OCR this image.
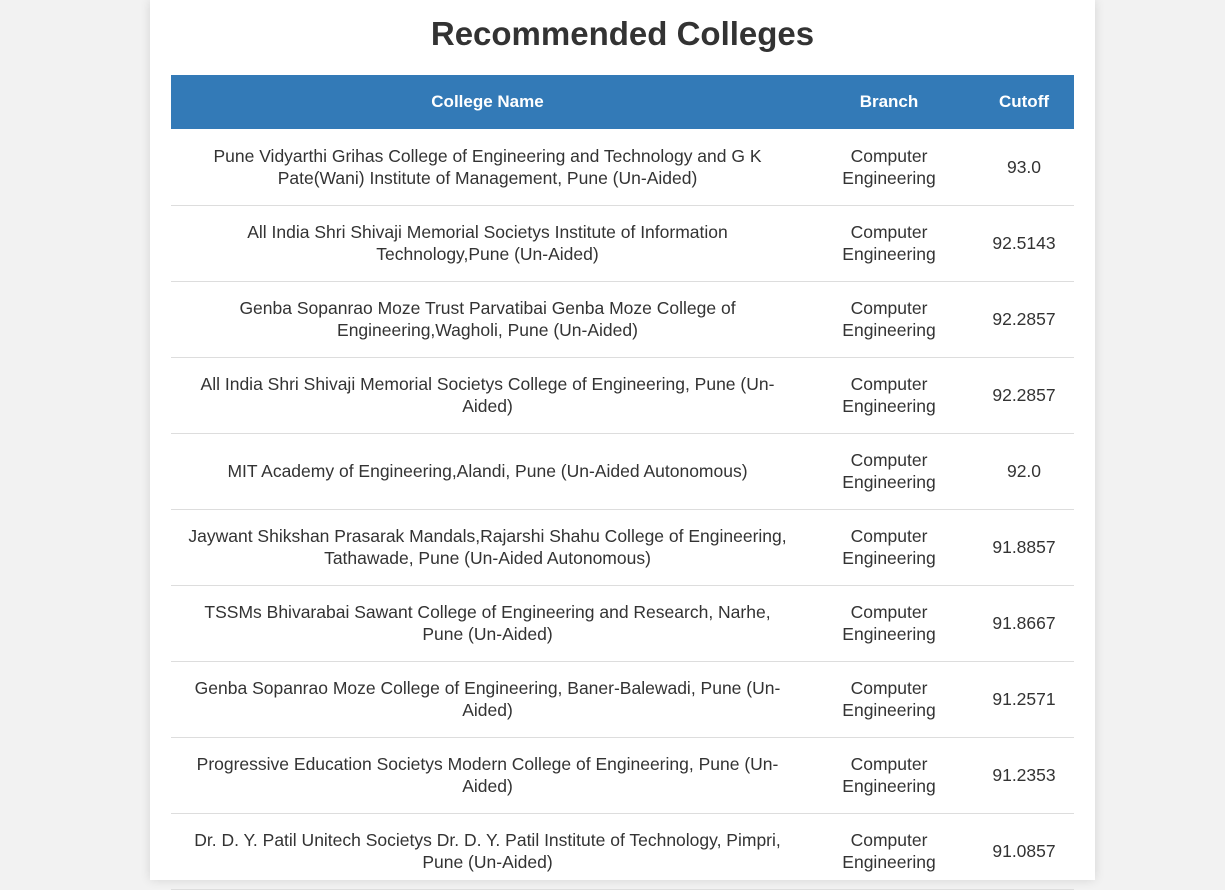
Recommended Colleges
College Name	Branch	Cutoff
Pune Vidyarthi Grihas College of Engineering and Technology and G K Pate(Wani) Institute of Management, Pune (Un-Aided)	Computer Engineering	93.0
All India Shri Shivaji Memorial Societys Institute of Information Technology,Pune (Un-Aided)	Computer Engineering	92.5143
Genba Sopanrao Moze Trust Parvatibai Genba Moze College of Engineering,Wagholi, Pune (Un-Aided)	Computer Engineering	92.2857
All India Shri Shivaji Memorial Societys College of Engineering, Pune (Un-Aided)	Computer Engineering	92.2857
MIT Academy of Engineering,Alandi, Pune (Un-Aided Autonomous)	Computer Engineering	92.0
Jaywant Shikshan Prasarak Mandals,Rajarshi Shahu College of Engineering, Tathawade, Pune (Un-Aided Autonomous)	Computer Engineering	91.8857
TSSMs Bhivarabai Sawant College of Engineering and Research, Narhe, Pune (Un-Aided)	Computer Engineering	91.8667
Genba Sopanrao Moze College of Engineering, Baner-Balewadi, Pune (Un-Aided)	Computer Engineering	91.2571
Progressive Education Societys Modern College of Engineering, Pune (Un-Aided)	Computer Engineering	91.2353
Dr. D. Y. Patil Unitech Societys Dr. D. Y. Patil Institute of Technology, Pimpri, Pune (Un-Aided)	Computer Engineering	91.0857
